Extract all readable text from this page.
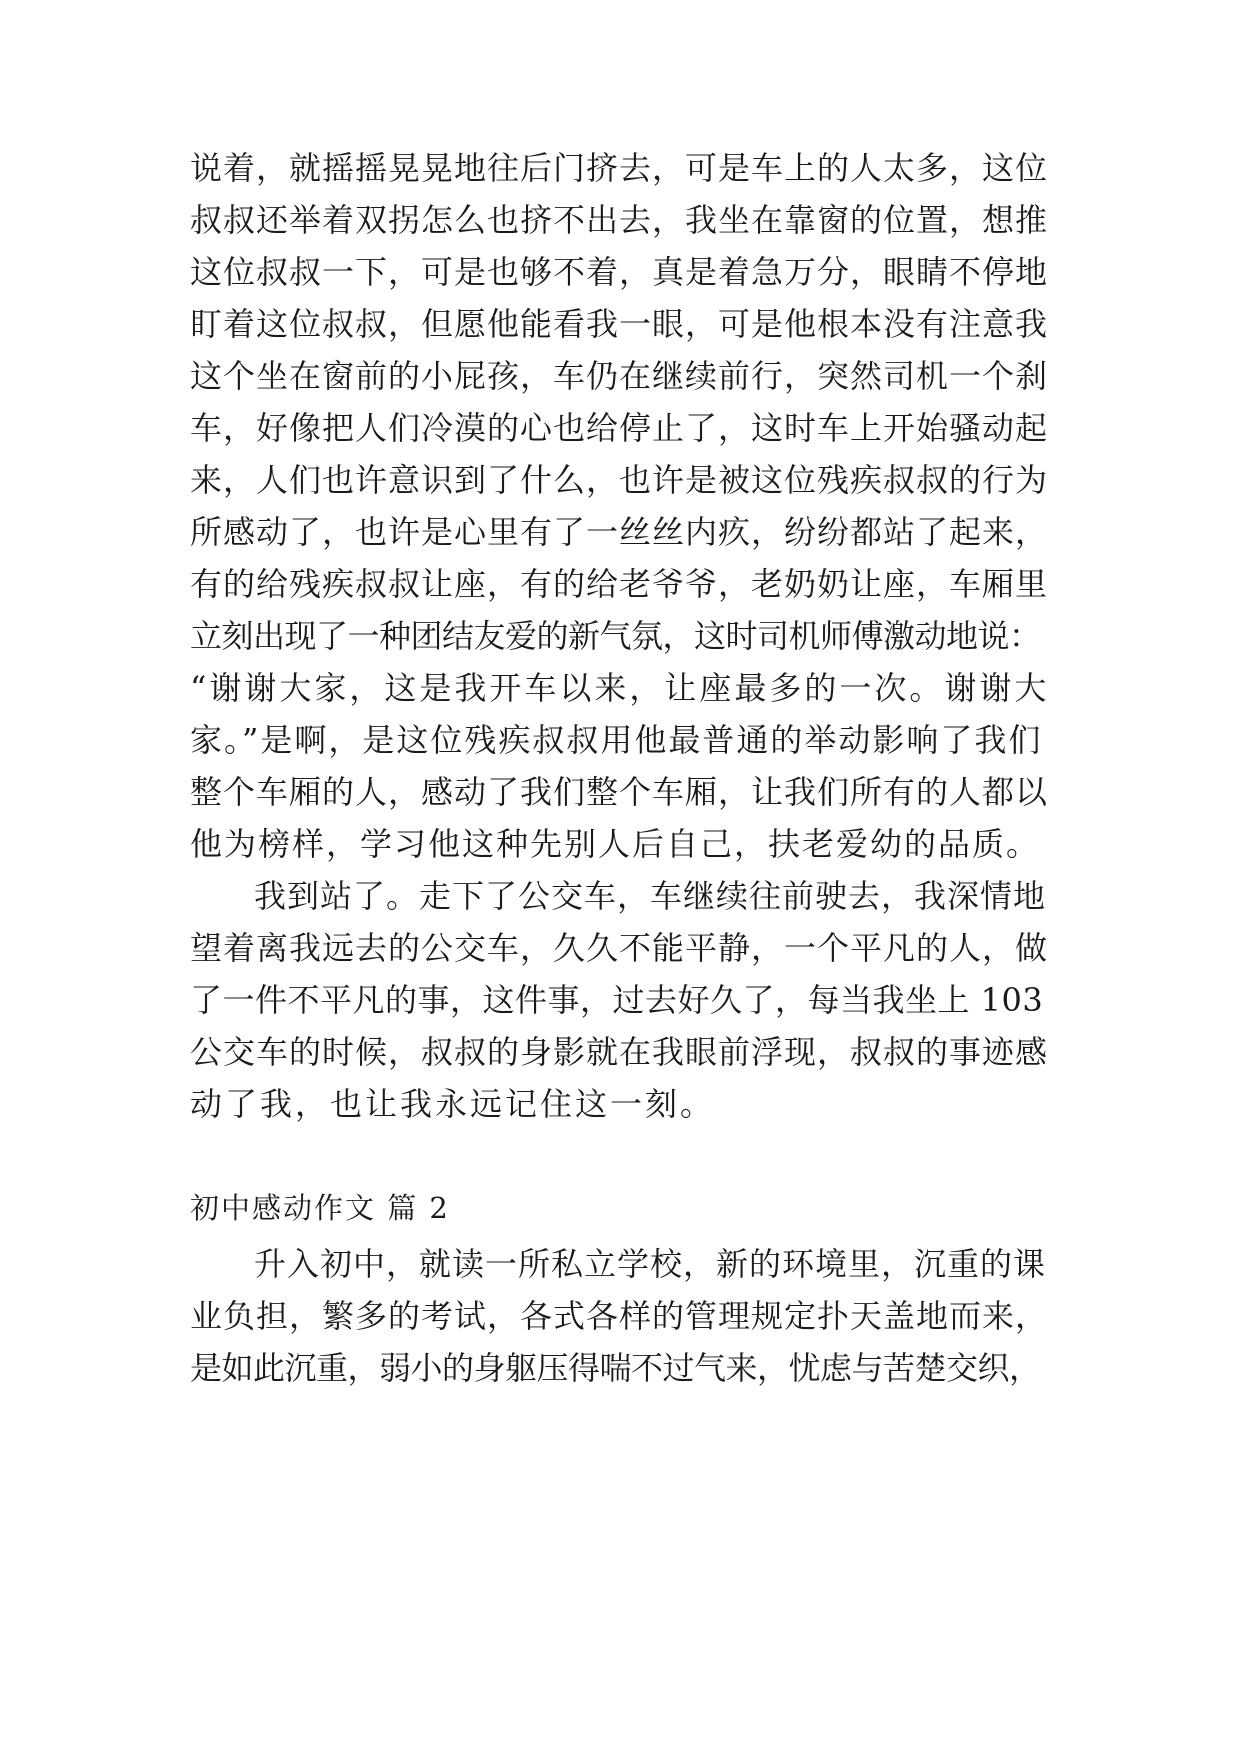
说着，就摇摇晃晃地往后门挤去，可是车上的人太多，这位
叔叔还举着双拐怎么也挤不出去，我坐在靠窗的位置，想推
这位叔叔一下，可是也够不着，真是着急万分，眼睛不停地
盯着这位叔叔，但愿他能看我一眼，可是他根本没有注意我
这个坐在窗前的小屁孩，车仍在继续前行，突然司机一个刹
车，好像把人们冷漠的心也给停止了，这时车上开始骚动起
来，人们也许意识到了什么，也许是被这位残疾叔叔的行为
所感动了，也许是心里有了一丝丝内疚，纷纷都站了起来，
有的给残疾叔叔让座，有的给老爷爷，老奶奶让座，车厢里
立刻出现了一种团结友爱的新气氛，这时司机师傅激动地说：
“谢谢大家，这是我开车以来，让座最多的一次。谢谢大
家。”是啊，是这位残疾叔叔用他最普通的举动影响了我们
整个车厢的人，感动了我们整个车厢，让我们所有的人都以
他为榜样，学习他这种先别人后自己，扶老爱幼的品质。
我到站了。走下了公交车，车继续往前驶去，我深情地
望着离我远去的公交车，久久不能平静，一个平凡的人，做
了一件不平凡的事，这件事，过去好久了，每当我坐上 103
公交车的时候，叔叔的身影就在我眼前浮现，叔叔的事迹感
动了我，也让我永远记住这一刻。
初中感动作文 篇 2
升入初中，就读一所私立学校，新的环境里，沉重的课
业负担，繁多的考试，各式各样的管理规定扑天盖地而来，
是如此沉重，弱小的身躯压得喘不过气来，忧虑与苦楚交织，
